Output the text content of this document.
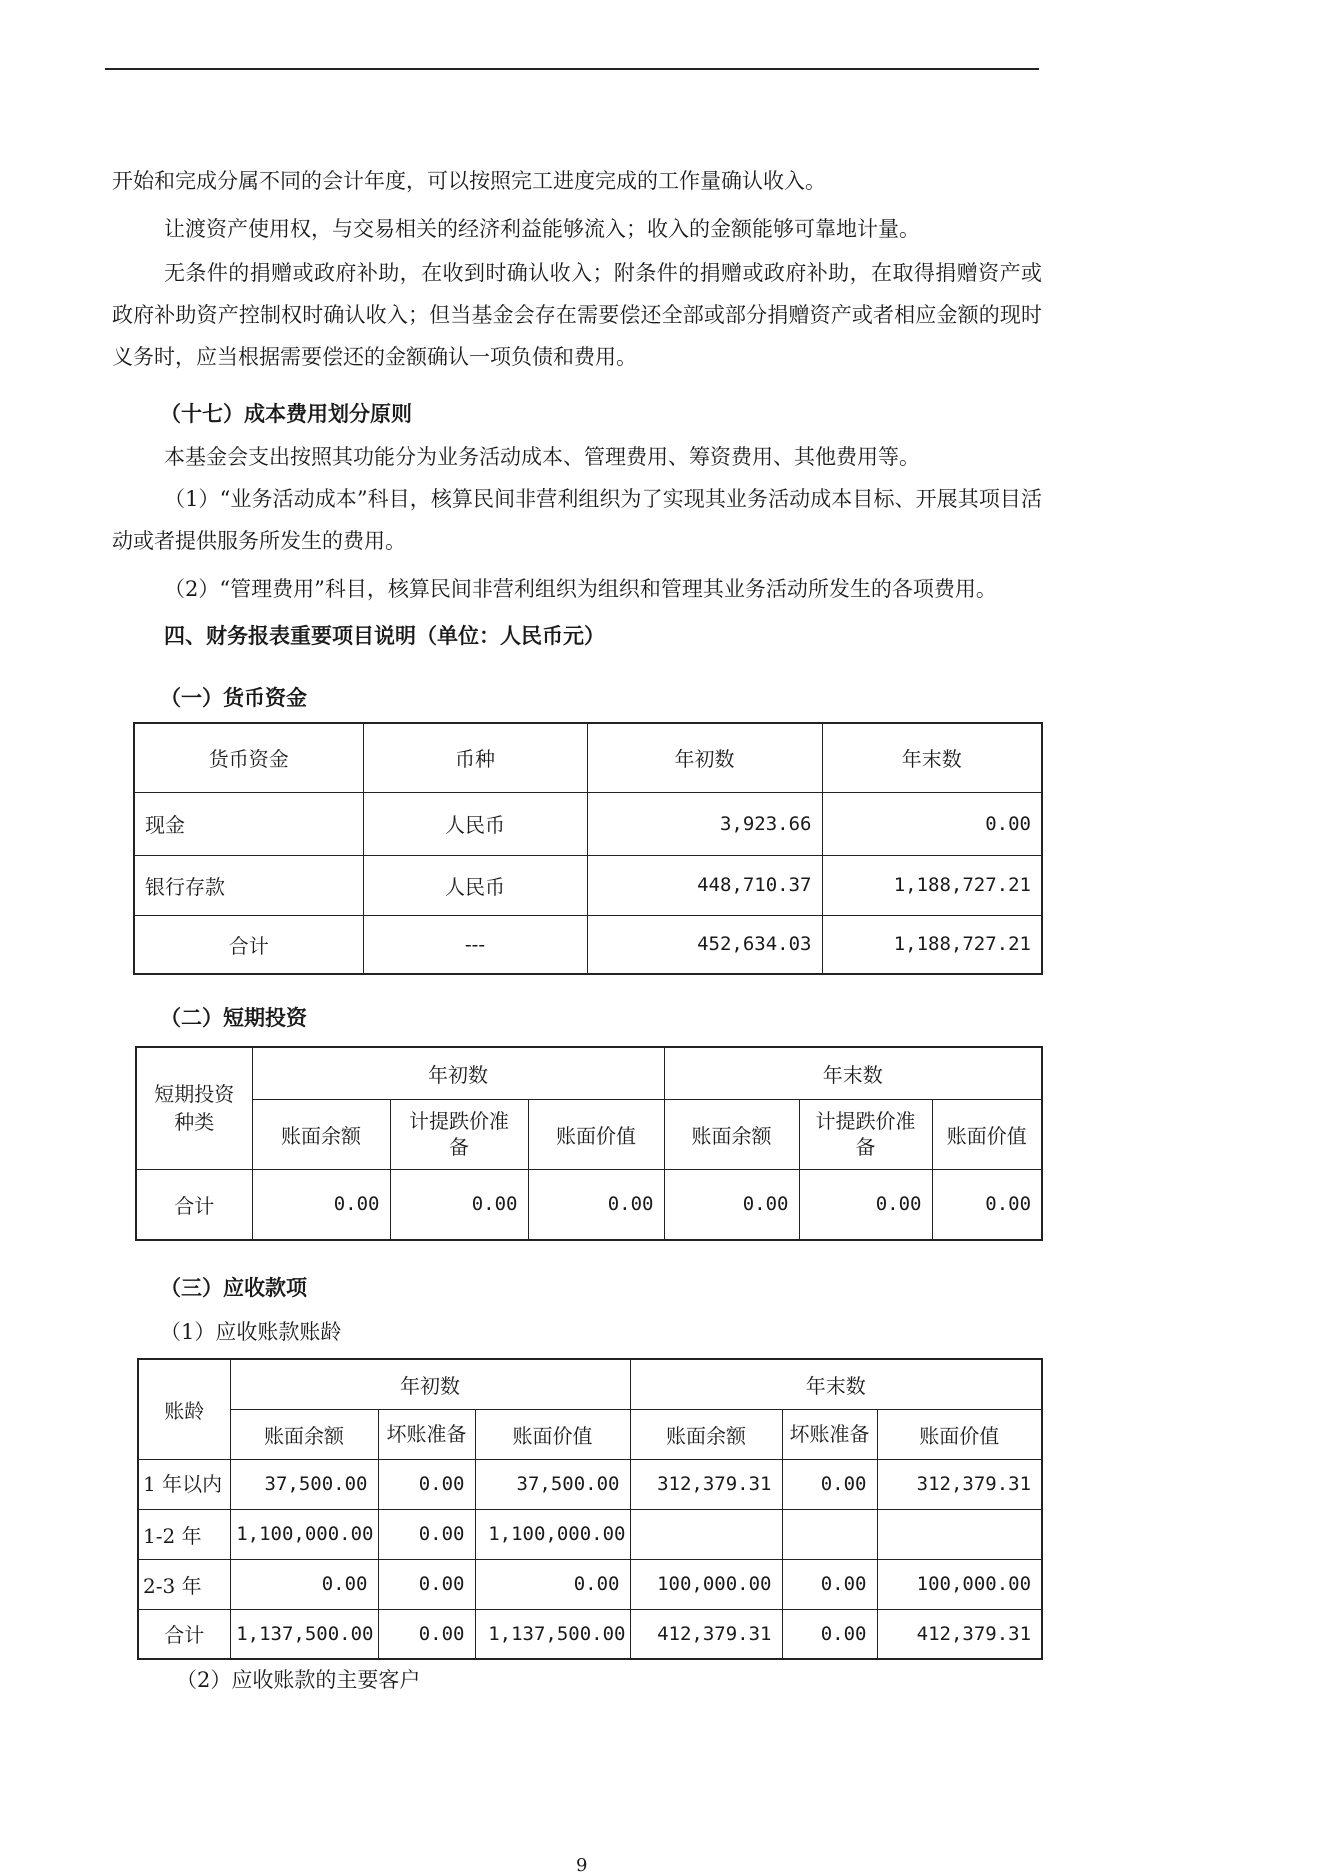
开始和完成分属不同的会计年度，可以按照完工进度完成的工作量确认收入。

让渡资产使用权，与交易相关的经济利益能够流入；收入的金额能够可靠地计量。

无条件的捐赠或政府补助，在收到时确认收入；附条件的捐赠或政府补助，在取得捐赠资产或政府补助资产控制权时确认收入；但当基金会存在需要偿还全部或部分捐赠资产或者相应金额的现时义务时，应当根据需要偿还的金额确认一项负债和费用。

（十七）成本费用划分原则

本基金会支出按照其功能分为业务活动成本、管理费用、筹资费用、其他费用等。

（1）“业务活动成本”科目，核算民间非营利组织为了实现其业务活动成本目标、开展其项目活动或者提供服务所发生的费用。

（2）“管理费用”科目，核算民间非营利组织为组织和管理其业务活动所发生的各项费用。

四、财务报表重要项目说明（单位：人民币元）

（一）货币资金

货币资金	币种	年初数	年末数
现金	人民币	3,923.66	0.00
银行存款	人民币	448,710.37	1,188,727.21
合计	---	452,634.03	1,188,727.21

（二）短期投资

短期投资种类	年初数			年末数		
	账面余额	计提跌价准备	账面价值	账面余额	计提跌价准备	账面价值
合计	0.00	0.00	0.00	0.00	0.00	0.00

（三）应收款项

（1）应收账款账龄

账龄	年初数			年末数		
	账面余额	坏账准备	账面价值	账面余额	坏账准备	账面价值
1 年以内	37,500.00	0.00	37,500.00	312,379.31	0.00	312,379.31
1-2 年	1,100,000.00	0.00	1,100,000.00			
2-3 年	0.00	0.00	0.00	100,000.00	0.00	100,000.00
合计	1,137,500.00	0.00	1,137,500.00	412,379.31	0.00	412,379.31

（2）应收账款的主要客户

9
